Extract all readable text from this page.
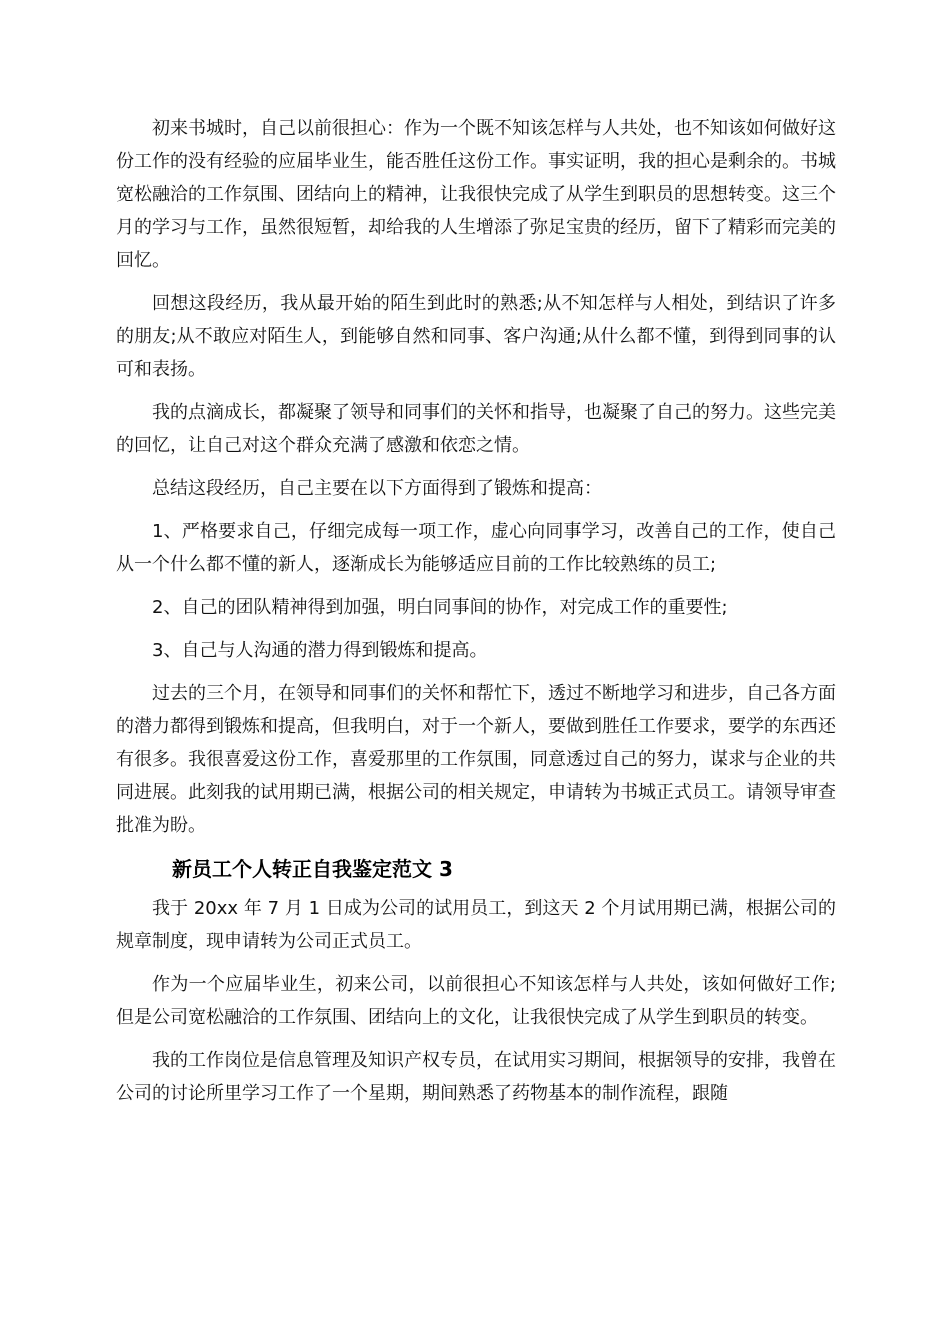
初来书城时，自己以前很担心：作为一个既不知该怎样与人共处，也不知该如何做好这份工作的没有经验的应届毕业生，能否胜任这份工作。事实证明，我的担心是剩余的。书城宽松融洽的工作氛围、团结向上的精神，让我很快完成了从学生到职员的思想转变。这三个月的学习与工作，虽然很短暂，却给我的人生增添了弥足宝贵的经历，留下了精彩而完美的回忆。

回想这段经历，我从最开始的陌生到此时的熟悉;从不知怎样与人相处，到结识了许多的朋友;从不敢应对陌生人，到能够自然和同事、客户沟通;从什么都不懂，到得到同事的认可和表扬。

我的点滴成长，都凝聚了领导和同事们的关怀和指导，也凝聚了自己的努力。这些完美的回忆，让自己对这个群众充满了感激和依恋之情。

总结这段经历，自己主要在以下方面得到了锻炼和提高：

1、严格要求自己，仔细完成每一项工作，虚心向同事学习，改善自己的工作，使自己从一个什么都不懂的新人，逐渐成长为能够适应目前的工作比较熟练的员工;

2、自己的团队精神得到加强，明白同事间的协作，对完成工作的重要性;

3、自己与人沟通的潜力得到锻炼和提高。

过去的三个月，在领导和同事们的关怀和帮忙下，透过不断地学习和进步，自己各方面的潜力都得到锻炼和提高，但我明白，对于一个新人，要做到胜任工作要求，要学的东西还有很多。我很喜爱这份工作，喜爱那里的工作氛围，同意透过自己的努力，谋求与企业的共同进展。此刻我的试用期已满，根据公司的相关规定，申请转为书城正式员工。请领导审查批准为盼。

新员工个人转正自我鉴定范文 3

我于 20xx 年 7 月 1 日成为公司的试用员工，到这天 2 个月试用期已满，根据公司的规章制度，现申请转为公司正式员工。

作为一个应届毕业生，初来公司，以前很担心不知该怎样与人共处，该如何做好工作;但是公司宽松融洽的工作氛围、团结向上的文化，让我很快完成了从学生到职员的转变。

我的工作岗位是信息管理及知识产权专员，在试用实习期间，根据领导的安排，我曾在公司的讨论所里学习工作了一个星期，期间熟悉了药物基本的制作流程，跟随
